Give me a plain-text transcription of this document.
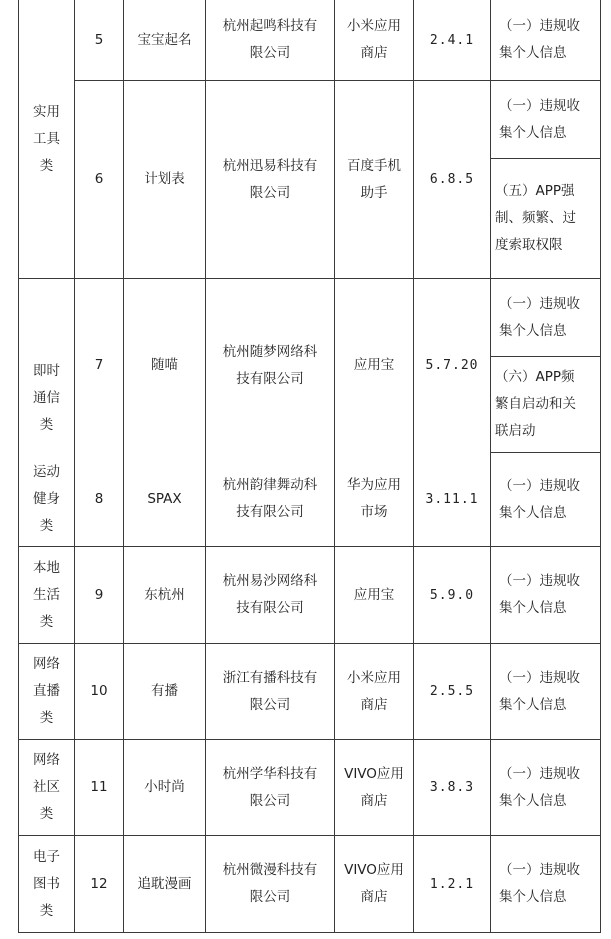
实用
工具
类	5	宝宝起名	杭州起鸣科技有
限公司	小米应用
商店	2.4.1	（一）违规收
集个人信息
	6	计划表	杭州迅易科技有
限公司	百度手机
助手	6.8.5	（一）违规收
集个人信息
						（五）APP强
制、频繁、过
度索取权限
即时
通信
类	7	随喵	杭州随梦网络科
技有限公司	应用宝	5.7.20	（一）违规收
集个人信息
						（六）APP频
繁自启动和关
联启动
运动
健身
类	8	SPAX	杭州韵律舞动科
技有限公司	华为应用
市场	3.11.1	（一）违规收
集个人信息
本地
生活
类	9	东杭州	杭州易沙网络科
技有限公司	应用宝	5.9.0	（一）违规收
集个人信息
网络
直播
类	10	有播	浙江有播科技有
限公司	小米应用
商店	2.5.5	（一）违规收
集个人信息
网络
社区
类	11	小时尚	杭州学华科技有
限公司	VIVO应用
商店	3.8.3	（一）违规收
集个人信息
电子
图书
类	12	追耽漫画	杭州微漫科技有
限公司	VIVO应用
商店	1.2.1	（一）违规收
集个人信息
